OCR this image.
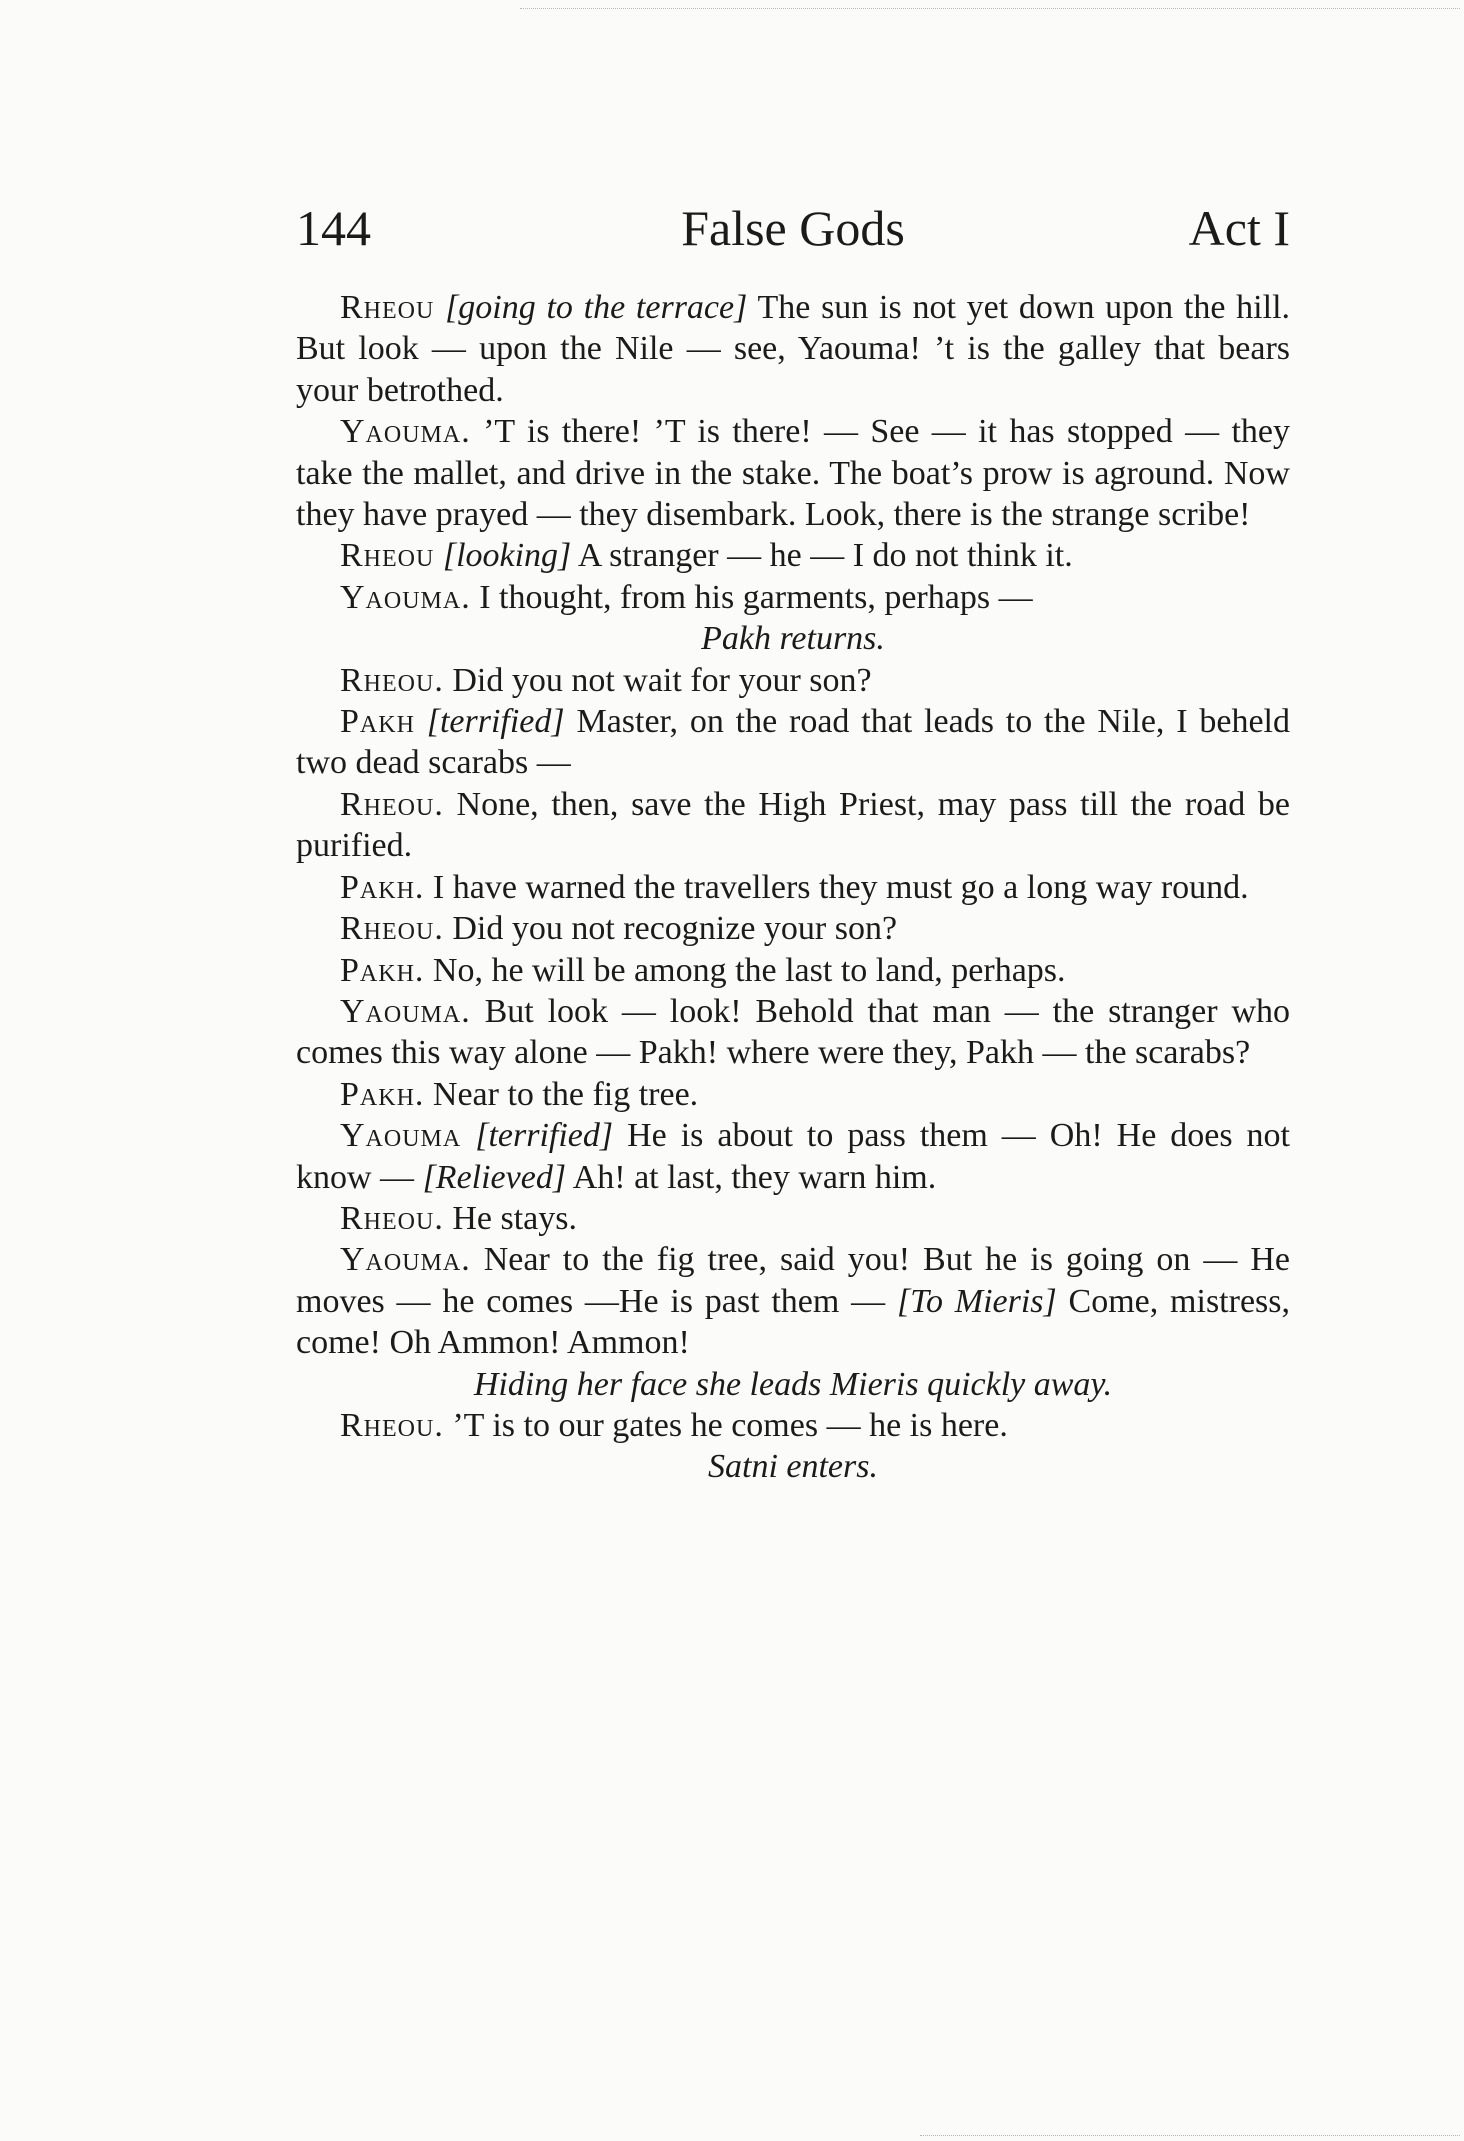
144	False Gods	Act I

Rheou [going to the terrace] The sun is not yet down upon the hill. But look — upon the Nile — see, Yaouma! ’t is the galley that bears your betrothed.

Yaouma. ’T is there! ’T is there! — See — it has stopped — they take the mallet, and drive in the stake. The boat’s prow is aground. Now they have prayed — they disembark. Look, there is the strange scribe!

Rheou [looking] A stranger — he — I do not think it.

Yaouma. I thought, from his garments, perhaps —

Pakh returns.

Rheou. Did you not wait for your son?

Pakh [terrified] Master, on the road that leads to the Nile, I beheld two dead scarabs —

Rheou. None, then, save the High Priest, may pass till the road be purified.

Pakh. I have warned the travellers they must go a long way round.

Rheou. Did you not recognize your son?

Pakh. No, he will be among the last to land, perhaps.

Yaouma. But look — look! Behold that man — the stranger who comes this way alone — Pakh! where were they, Pakh — the scarabs?

Pakh. Near to the fig tree.

Yaouma [terrified] He is about to pass them — Oh! He does not know — [Relieved] Ah! at last, they warn him.

Rheou. He stays.

Yaouma. Near to the fig tree, said you! But he is going on — He moves — he comes —He is past them — [To Mieris] Come, mistress, come! Oh Ammon! Ammon!

Hiding her face she leads Mieris quickly away.

Rheou. ’T is to our gates he comes — he is here.

Satni enters.
